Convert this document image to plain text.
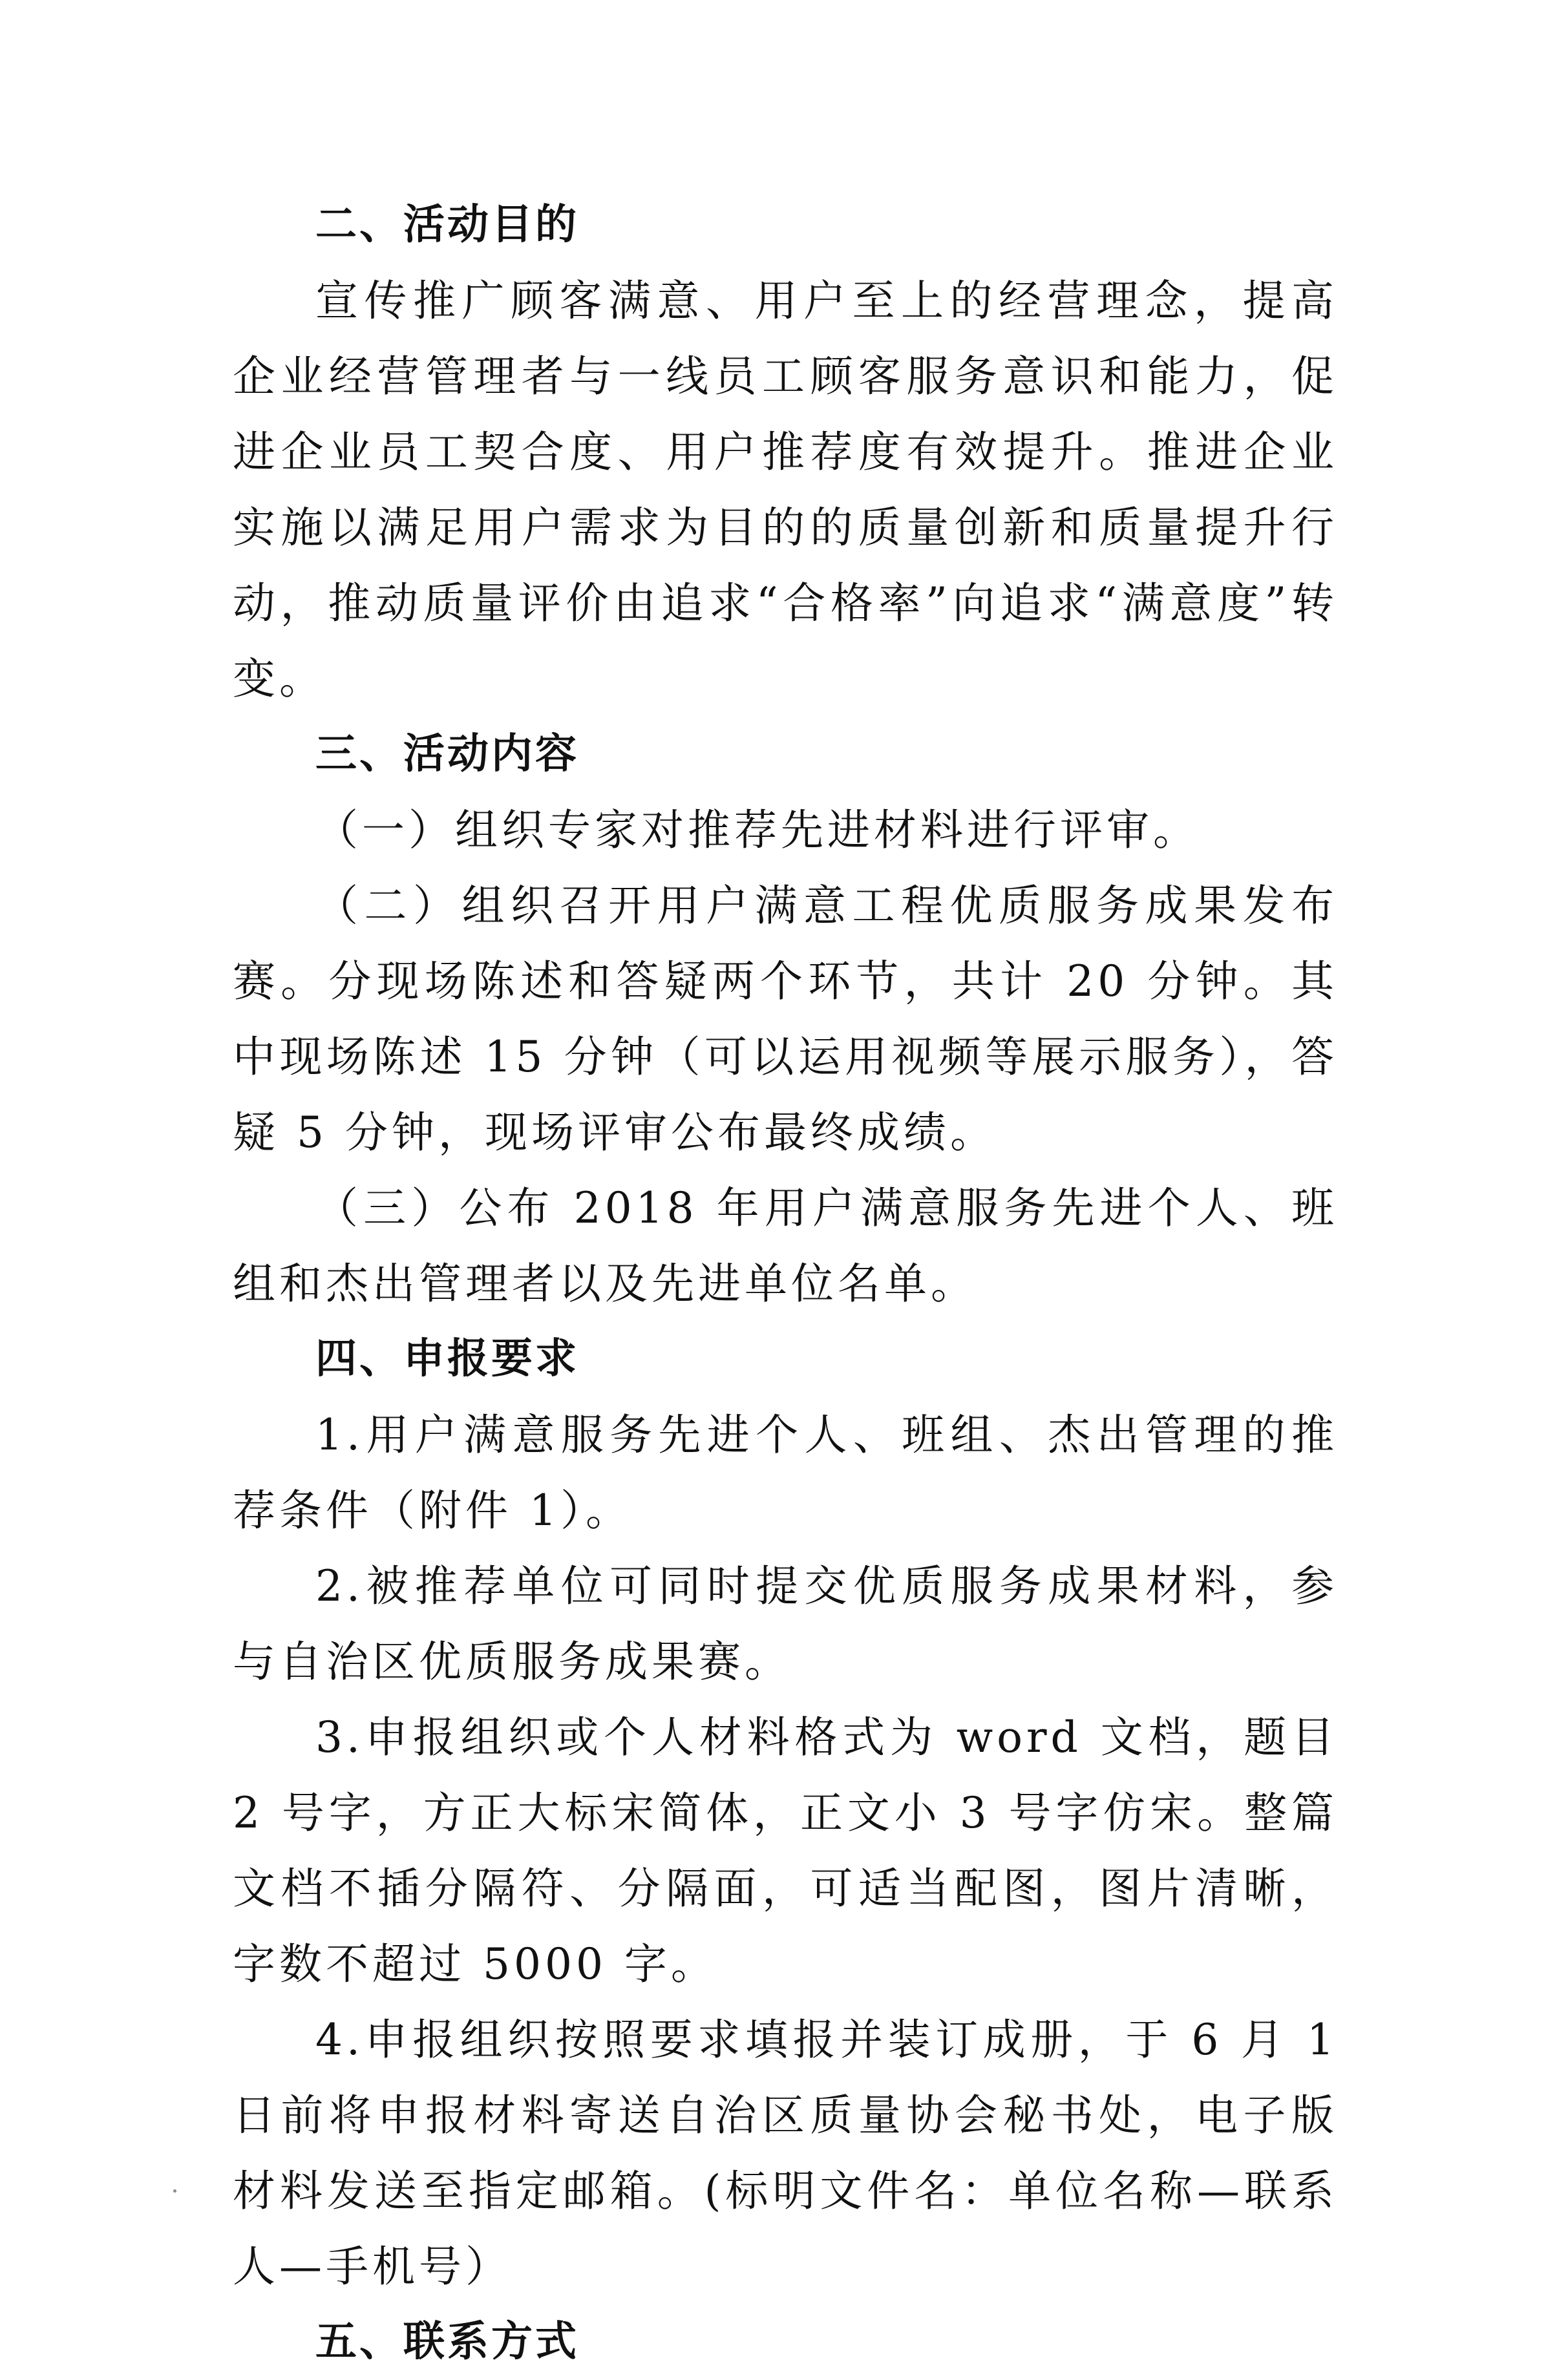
二、活动目的

宣传推广顾客满意、用户至上的经营理念，提高企业经营管理者与一线员工顾客服务意识和能力，促进企业员工契合度、用户推荐度有效提升。推进企业实施以满足用户需求为目的的质量创新和质量提升行动，推动质量评价由追求“合格率”向追求“满意度”转变。

三、活动内容

（一）组织专家对推荐先进材料进行评审。

（二）组织召开用户满意工程优质服务成果发布赛。分现场陈述和答疑两个环节，共计 20 分钟。其中现场陈述 15 分钟（可以运用视频等展示服务），答疑 5 分钟，现场评审公布最终成绩。

（三）公布 2018 年用户满意服务先进个人、班组和杰出管理者以及先进单位名单。

四、申报要求

1.用户满意服务先进个人、班组、杰出管理的推荐条件（附件 1）。

2.被推荐单位可同时提交优质服务成果材料，参与自治区优质服务成果赛。

3.申报组织或个人材料格式为 word 文档，题目 2 号字，方正大标宋简体，正文小 3 号字仿宋。整篇文档不插分隔符、分隔面，可适当配图，图片清晰，字数不超过 5000 字。

4.申报组织按照要求填报并装订成册，于 6 月 1 日前将申报材料寄送自治区质量协会秘书处，电子版材料发送至指定邮箱。(标明文件名：单位名称—联系人—手机号）

五、联系方式
